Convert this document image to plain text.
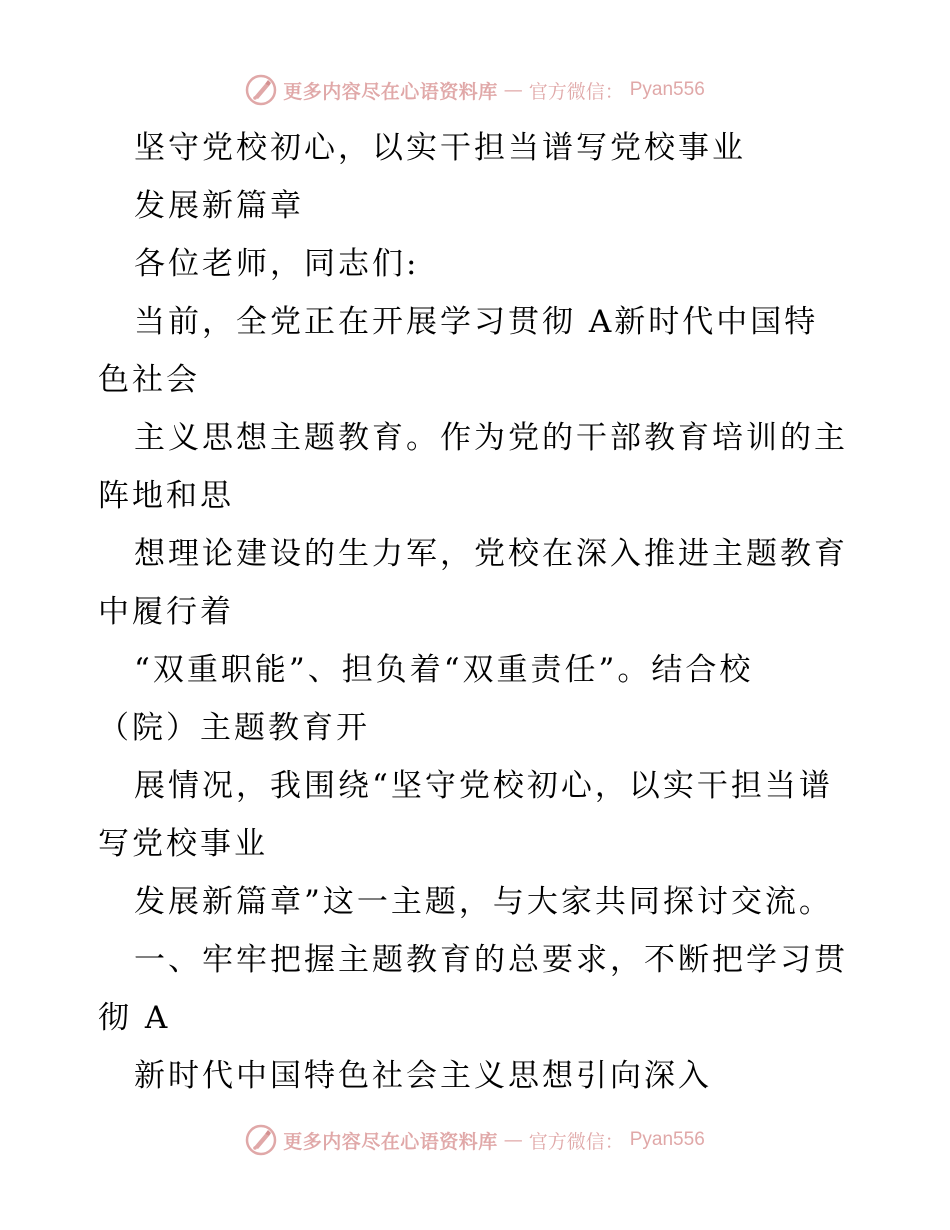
更多内容尽在心语资料库 — 官方微信： Pyan556
坚守党校初心，以实干担当谱写党校事业
发展新篇章
各位老师，同志们:
当前，全党正在开展学习贯彻 A新时代中国特
色社会
主义思想主题教育。作为党的干部教育培训的主
阵地和思
想理论建设的生力军，党校在深入推进主题教育
中履行着
“双重职能”、担负着“双重责任”。结合校
（院）主题教育开
展情况，我围绕“坚守党校初心，以实干担当谱
写党校事业
发展新篇章”这一主题，与大家共同探讨交流。
一、牢牢把握主题教育的总要求，不断把学习贯
彻 A
新时代中国特色社会主义思想引向深入
更多内容尽在心语资料库 — 官方微信： Pyan556
